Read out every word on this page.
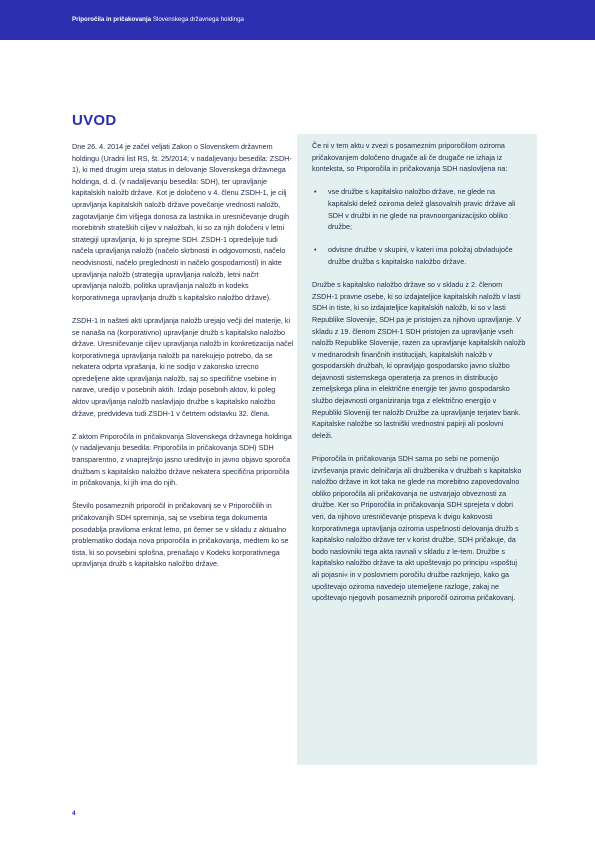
Priporočila in pričakovanja Slovenskega državnega holdinga
UVOD

Dne 26. 4. 2014 je začel veljati Zakon o Slovenskem državnem holdingu (Uradni list RS, št. 25/2014; v nadaljevanju besedila: ZSDH-1), ki med drugim ureja status in delovanje Slovenskega državnega holdinga, d. d. (v nadaljevanju besedila: SDH), ter upravljanje kapitalskih naložb države. Kot je določeno v 4. členu ZSDH-1, je cilj upravljanja kapitalskih naložb države povečanje vrednosti naložb, zagotavljanje čim višjega donosa za lastnika in uresničevanje drugih morebitnih strateških ciljev v naložbah, ki so za njih določeni v letni strategiji upravljanja, ki jo sprejme SDH. ZSDH-1 opredeljuje tudi načela upravljanja naložb (načelo skrbnosti in odgovornosti, načelo neodvisnosti, načelo preglednosti in načelo gospodarnosti) in akte upravljanja naložb (strategija upravljanja naložb, letni načrt upravljanja naložb, politika upravljanja naložb in kodeks korporativnega upravljanja družb s kapitalsko naložbo države).

ZSDH-1 in našteti akti upravljanja naložb urejajo večji del materije, ki se nanaša na (korporativno) upravljanje družb s kapitalsko naložbo države. Uresničevanje ciljev upravljanja naložb in konkretizacija načel korporativnega upravljanja naložb pa narekujejo potrebo, da se nekatera odprta vprašanja, ki ne sodijo v zakonsko izrecno opredeljene akte upravljanja naložb, saj so specifične vsebine in narave, uredijo v posebnih aktih. Izdajo posebnih aktov, ki poleg aktov upravljanja naložb naslavljajo družbe s kapitalsko naložbo države, predvideva tudi ZSDH-1 v četrtem odstavku 32. člena.

Z aktom Priporočila in pričakovanja Slovenskega državnega holdinga (v nadaljevanju besedila: Priporočila in pričakovanja SDH) SDH transparentno, z vnaprejšnjo jasno ureditvijo in javno objavo sporoča družbam s kapitalsko naložbo države nekatera specifična priporočila in pričakovanja, ki jih ima do njih.

Število posameznih priporočil in pričakovanj se v Priporočilih in pričakovanjih SDH spreminja, saj se vsebina tega dokumenta posodablja praviloma enkrat letno, pri čemer se v skladu z aktualno problematiko dodaja nova priporočila in pričakovanja, medtem ko se tista, ki so povsebini splošna, prenašajo v Kodeks korporativnega upravljanja družb s kapitalsko naložbo države.

Če ni v tem aktu v zvezi s posameznim priporočilom oziroma pričakovanjem določeno drugače ali če drugače ne izhaja iz konteksta, so Priporočila in pričakovanja SDH naslovljena na:

• vse družbe s kapitalsko naložbo države, ne glede na kapitalski delež oziroma delež glasovalnih pravic države ali SDH v družbi in ne glede na pravnoorganizacijsko obliko družbe;
• odvisne družbe v skupini, v kateri ima položaj obvladujoče družbe družba s kapitalsko naložbo države.

Družbe s kapitalsko naložbo države so v skladu z 2. členom ZSDH-1 pravne osebe, ki so izdajateljice kapitalskih naložb v lasti SDH in tiste, ki so izdajateljice kapitalskih naložb, ki so v lasti Republike Slovenije, SDH pa je pristojen za njihovo upravljanje. V skladu z 19. členom ZSDH-1 SDH pristojen za upravljanje vseh naložb Republike Slovenije, razen za upravljanje kapitalskih naložb v mednarodnih finančnih institucijah, kapitalskih naložb v gospodarskih družbah, ki opravljajo gospodarsko javno službo dejavnosti sistemskega operaterja za prenos in distribucijo zemeljskega plina in električne energije ter javno gospodarsko službo dejavnosti organiziranja trga z električno energijo v Republiki Sloveniji ter naložb Družbe za upravljanje terjatev bank. Kapitalske naložbe so lastniški vrednostni papirji ali poslovni deleži.

Priporočila in pričakovanja SDH sama po sebi ne pomenijo izvrševanja pravic delničarja ali družbenika v družbah s kapitalsko naložbo države in kot taka ne glede na morebitno zapovedovalno obliko priporočila ali pričakovanja ne ustvarjajo obveznosti za družbe. Ker so Priporočila in pričakovanja SDH sprejeta v dobri veri, da njihovo uresničevanje prispeva k dvigu kakovosti korporativnega upravljanja oziroma uspešnosti delovanja družb s kapitalsko naložbo države ter v korist družbe, SDH pričakuje, da bodo naslovniki tega akta ravnali v skladu z le-tem. Družbe s kapitalsko naložbo države ta akt upoštevajo po principu »spoštuj ali pojasni« in v poslovnem poročilu družbe razkrijejo, kako ga upoštevajo oziroma navedejo utemeljene razloge, zakaj ne upoštevajo njegovih posameznih priporočil oziroma pričakovanj.

4
